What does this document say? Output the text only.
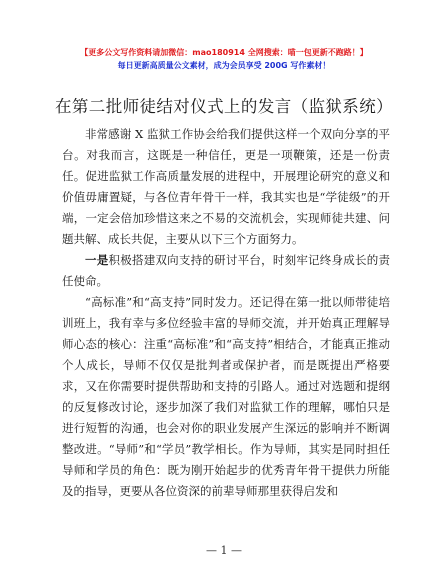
【更多公文写作资料请加微信：mao180914 全网搜索：喵一包更新不跑路！】
每日更新高质量公文素材，成为会员享受 200G 写作素材！
在第二批师徒结对仪式上的发言（监狱系统）

非常感谢 X 监狱工作协会给我们提供这样一个双向分享的平台。对我而言，这既是一种信任，更是一项鞭策，还是一份责任。促进监狱工作高质量发展的进程中，开展理论研究的意义和价值毋庸置疑，与各位青年骨干一样，我其实也是“学徒级”的开端，一定会倍加珍惜这来之不易的交流机会，实现师徒共建、问题共解、成长共促，主要从以下三个方面努力。

一是积极搭建双向支持的研讨平台，时刻牢记终身成长的责任使命。

“高标准”和“高支持”同时发力。还记得在第一批以师带徒培训班上，我有幸与多位经验丰富的导师交流，并开始真正理解导师心态的核心：注重“高标准”和“高支持”相结合，才能真正推动个人成长，导师不仅仅是批判者或保护者，而是既提出严格要求，又在你需要时提供帮助和支持的引路人。通过对选题和提纲的反复修改讨论，逐步加深了我们对监狱工作的理解，哪怕只是进行短暂的沟通，也会对你的职业发展产生深远的影响并不断调整改进。“导师”和“学员”教学相长。作为导师，其实是同时担任导师和学员的角色：既为刚开始起步的优秀青年骨干提供力所能及的指导，更要从各位资深的前辈导师那里获得启发和

— 1 —
